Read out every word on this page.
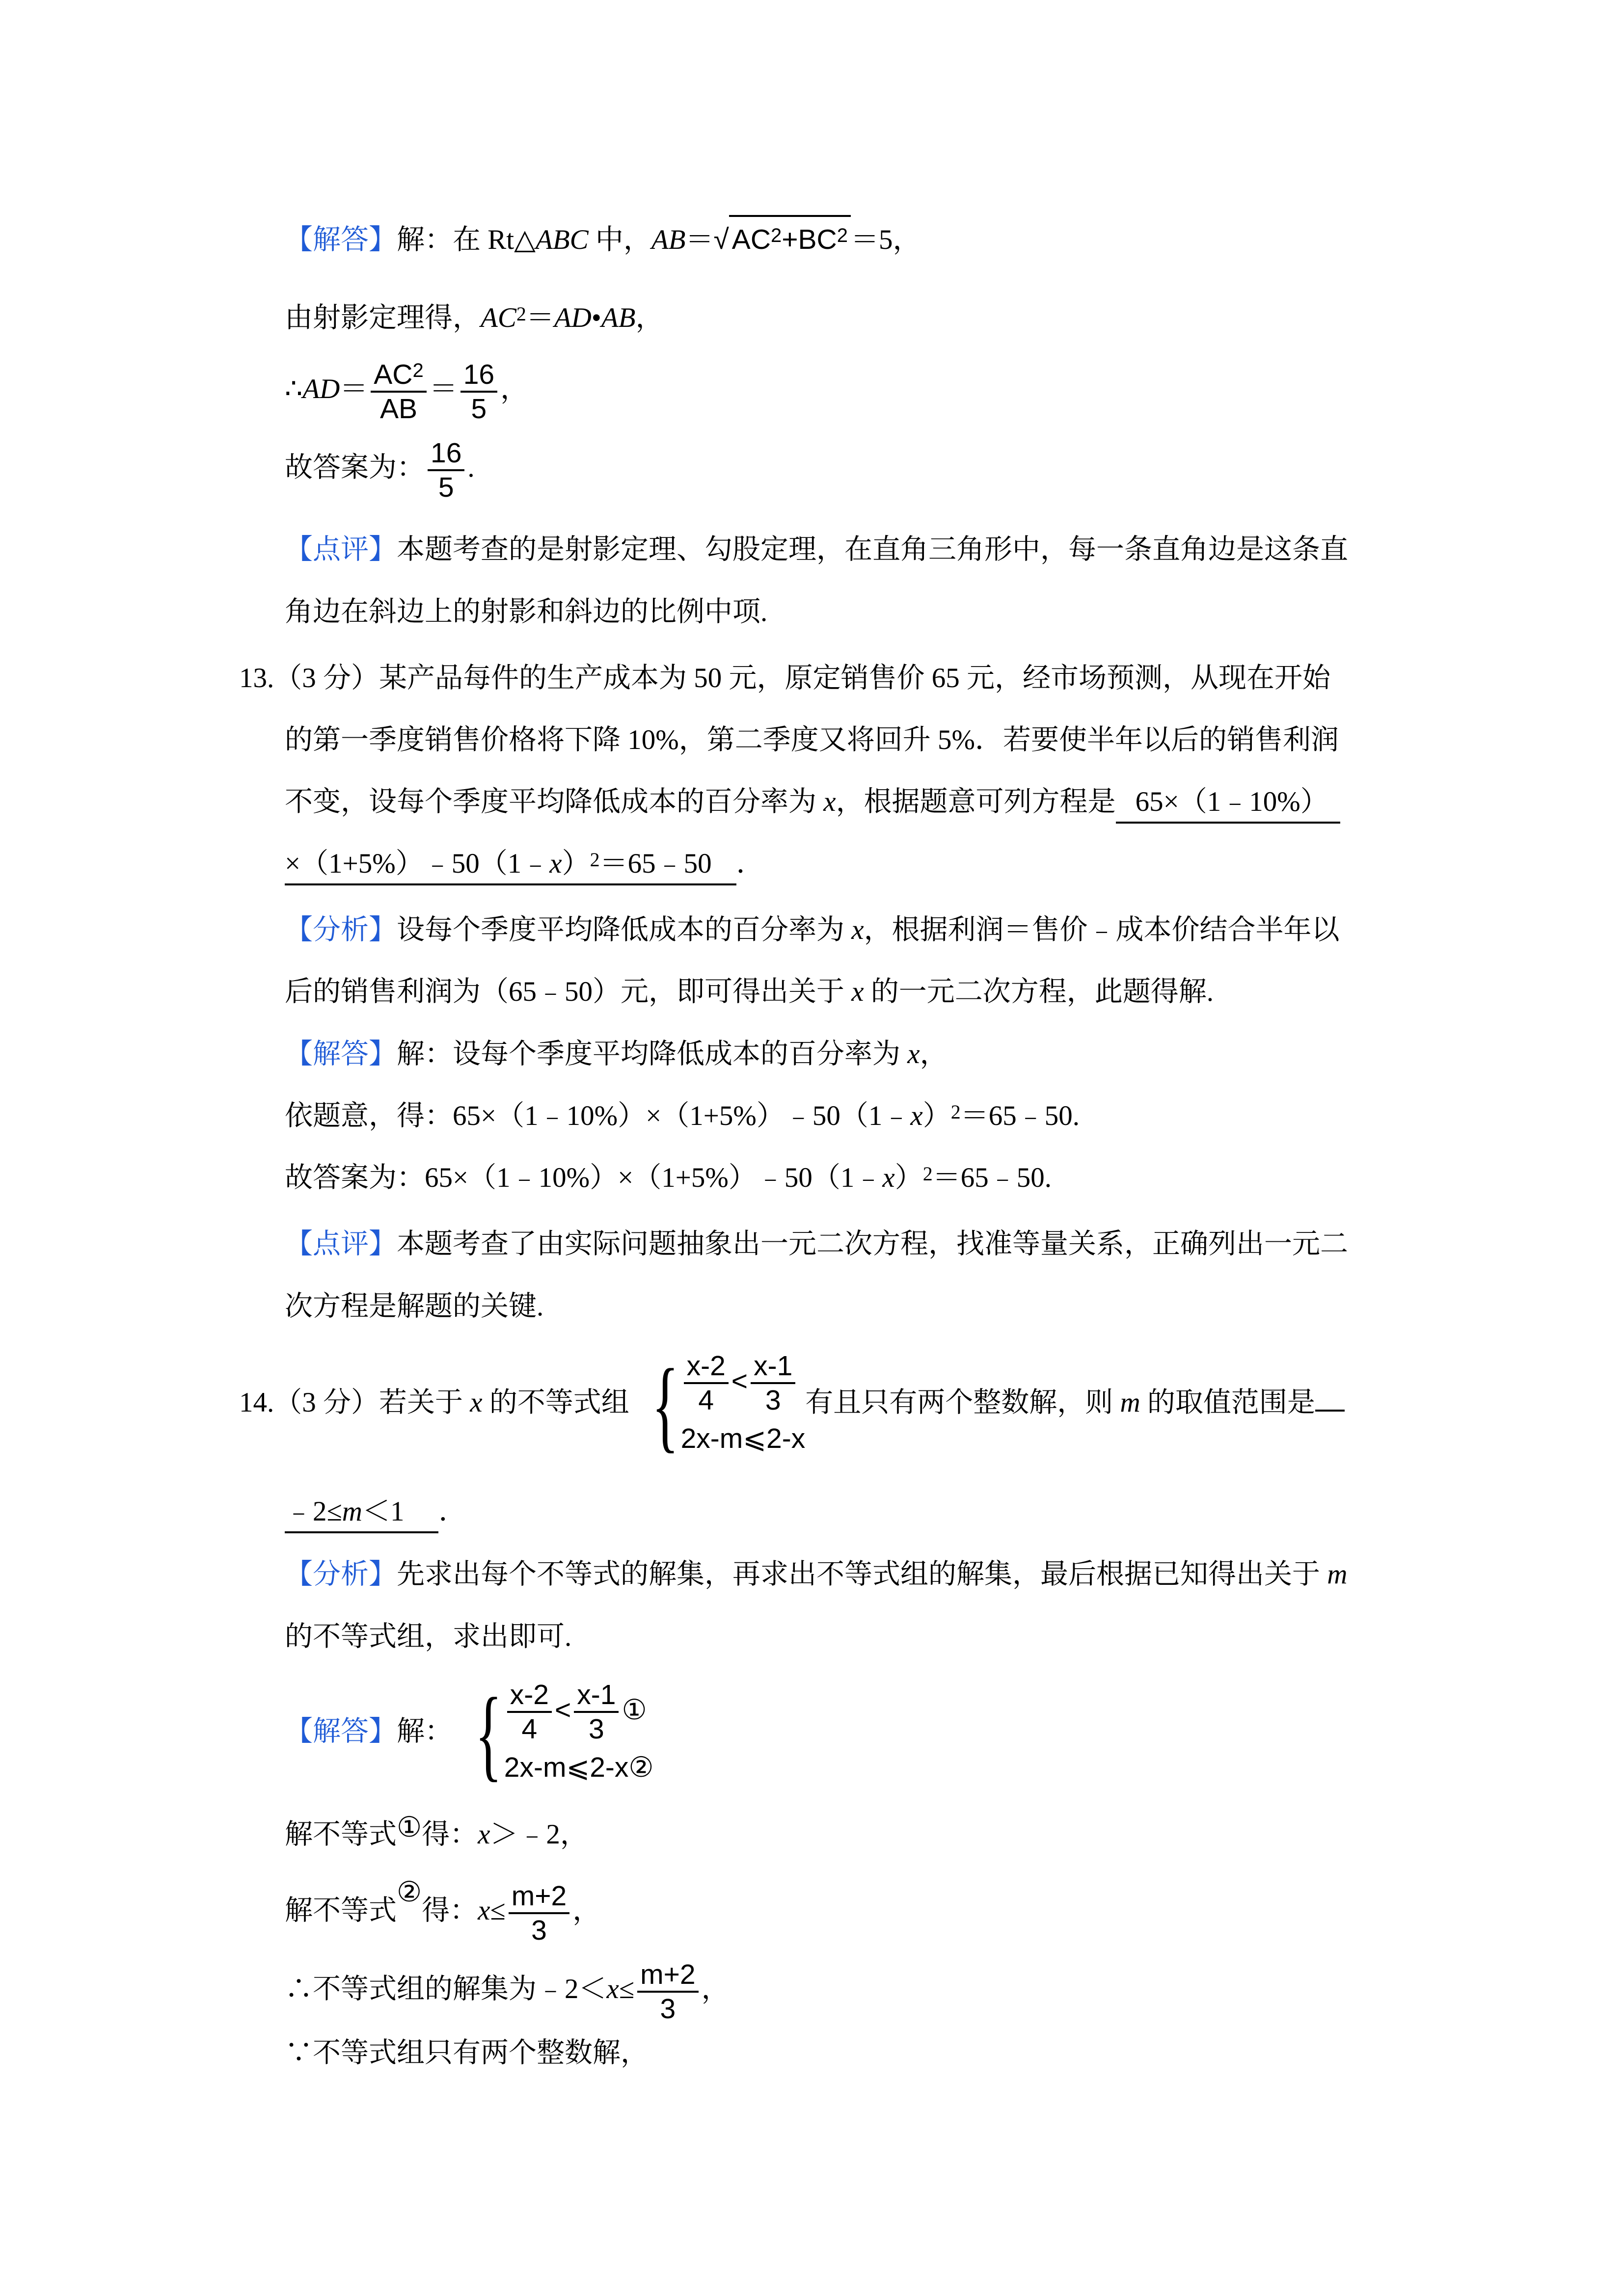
【解答】解：在 Rt△ABC 中，AB＝√ $AC^2+BC^2 =5$，
由射影定理得，$AC^2=AD•AB$，
∴AD＝ $\frac{AC^2}{AB} = \frac{16}{5}$ ，
故答案为： $\frac{16}{5}$ .
【点评】本题考查的是射影定理、勾股定理，在直角三角形中，每一条直角边是这条直
角边在斜边上的射影和斜边的比例中项.
13.（3 分）某产品每件的生产成本为 50 元，原定销售价 65 元，经市场预测，从现在开始
的第一季度销售价格将下降 10%，第二季度又将回升 5%．若要使半年以后的销售利润
不变，设每个季度平均降低成本的百分率为 x，根据题意可列方程是 65×（1﹣10%）
×（1+5%）﹣50（1﹣x）$^2$＝65﹣50 ．
【分析】设每个季度平均降低成本的百分率为 x，根据利润＝售价﹣成本价结合半年以
后的销售利润为（65﹣50）元，即可得出关于 x 的一元二次方程，此题得解.
【解答】解：设每个季度平均降低成本的百分率为 x，
依题意，得：65×（1﹣10%）×（1+5%）﹣50（1﹣x）$^2$＝65﹣50.
故答案为：65×（1﹣10%）×（1+5%）﹣50（1﹣x）$^2$＝65﹣50.
【点评】本题考查了由实际问题抽象出一元二次方程，找准等量关系，正确列出一元二
次方程是解题的关键.
14.（3 分）若关于 x 的不等式组 { $\frac{x-2}{4} < \frac{x-1}{3}$
2x-m⩽2-x
有且只有两个整数解，则 m 的取值范围是
﹣2≤m＜1 ．
【分析】先求出每个不等式的解集，再求出不等式组的解集，最后根据已知得出关于 m
的不等式组，求出即可.
【解答】解： { $\frac{x-2}{4} < \frac{x-1}{3}$ ①
2x-m⩽2-x②
解不等式①得：x＞﹣2，
解不等式②得：$x\le \frac{m+2}{3}$ ，
∴不等式组的解集为﹣2＜x≤ $\frac{m+2}{3}$ ，
∵不等式组只有两个整数解，
